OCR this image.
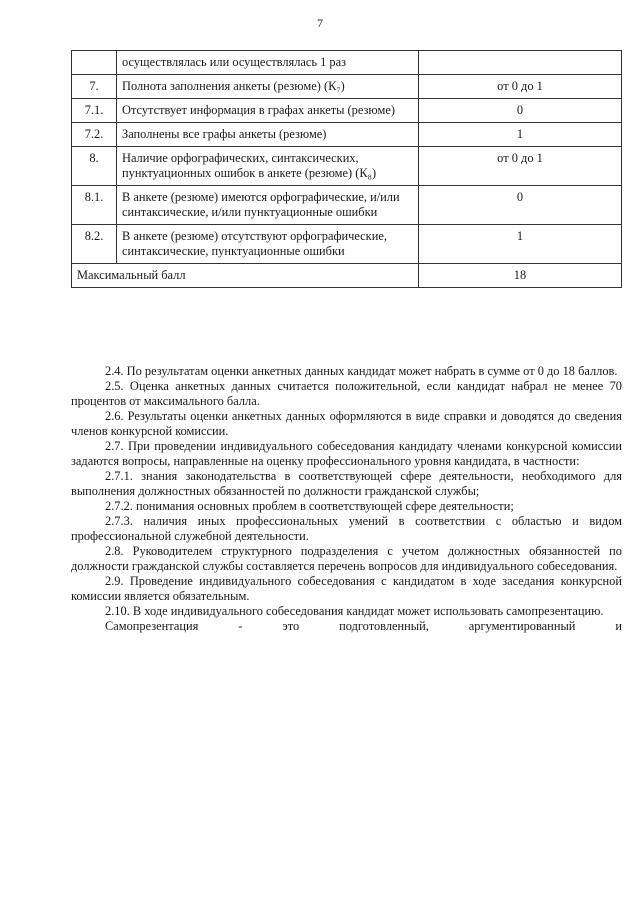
7
	осуществлялась или осуществлялась 1 раз	
7.	Полнота заполнения анкеты (резюме) (К₇)	от 0 до 1
7.1.	Отсутствует информация в графах анкеты (резюме)	0
7.2.	Заполнены все графы анкеты (резюме)	1
8.	Наличие орфографических, синтаксических, пунктуационных ошибок в анкете (резюме) (К₈)	от 0 до 1
8.1.	В анкете (резюме) имеются орфографические, и/или синтаксические, и/или пунктуационные ошибки	0
8.2.	В анкете (резюме) отсутствуют орфографические, синтаксические, пунктуационные ошибки	1
Максимальный балл		18

2.4. По результатам оценки анкетных данных кандидат может набрать в сумме от 0 до 18 баллов.

2.5. Оценка анкетных данных считается положительной, если кандидат набрал не менее 70 процентов от максимального балла.

2.6. Результаты оценки анкетных данных оформляются в виде справки и доводятся до сведения членов конкурсной комиссии.

2.7. При проведении индивидуального собеседования кандидату членами конкурсной комиссии задаются вопросы, направленные на оценку профессионального уровня кандидата, в частности:

2.7.1. знания законодательства в соответствующей сфере деятельности, необходимого для выполнения должностных обязанностей по должности гражданской службы;

2.7.2. понимания основных проблем в соответствующей сфере деятельности;

2.7.3. наличия иных профессиональных умений в соответствии с областью и видом профессиональной служебной деятельности.

2.8. Руководителем структурного подразделения с учетом должностных обязанностей по должности гражданской службы составляется перечень вопросов для индивидуального собеседования.

2.9. Проведение индивидуального собеседования с кандидатом в ходе заседания конкурсной комиссии является обязательным.

2.10. В ходе индивидуального собеседования кандидат может использовать самопрезентацию.

Самопрезентация - это подготовленный, аргументированный и
